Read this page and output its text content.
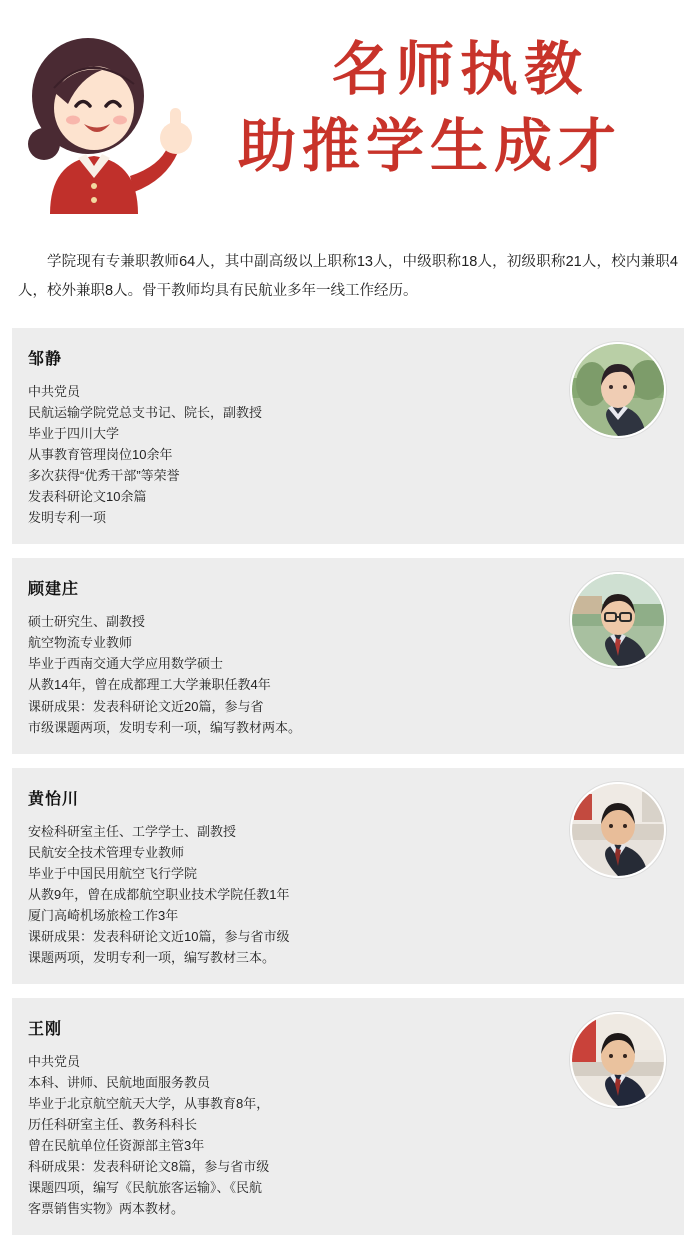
名师执教
助推学生成才

学院现有专兼职教师64人，其中副高级以上职称13人，中级职称18人，初级职称21人，校内兼职4人，校外兼职8人。骨干教师均具有民航业多年一线工作经历。

邹静
中共党员
民航运输学院党总支书记、院长，副教授
毕业于四川大学
从事教育管理岗位10余年
多次获得“优秀干部”等荣誉
发表科研论文10余篇
发明专利一项
顾建庄
硕士研究生、副教授
航空物流专业教师
毕业于西南交通大学应用数学硕士
从教14年，曾在成都理工大学兼职任教4年
课研成果：发表科研论文近20篇，参与省
市级课题两项，发明专利一项，编写教材两本。
黄怡川
安检科研室主任、工学学士、副教授
民航安全技术管理专业教师
毕业于中国民用航空飞行学院
从教9年，曾在成都航空职业技术学院任教1年
厦门高崎机场旅检工作3年
课研成果：发表科研论文近10篇，参与省市级
课题两项，发明专利一项，编写教材三本。
王刚
中共党员
本科、讲师、民航地面服务教员
毕业于北京航空航天大学，从事教育8年，
历任科研室主任、教务科科长
曾在民航单位任资源部主管3年
科研成果：发表科研论文8篇，参与省市级
课题四项，编写《民航旅客运输》、《民航
客票销售实物》两本教材。
